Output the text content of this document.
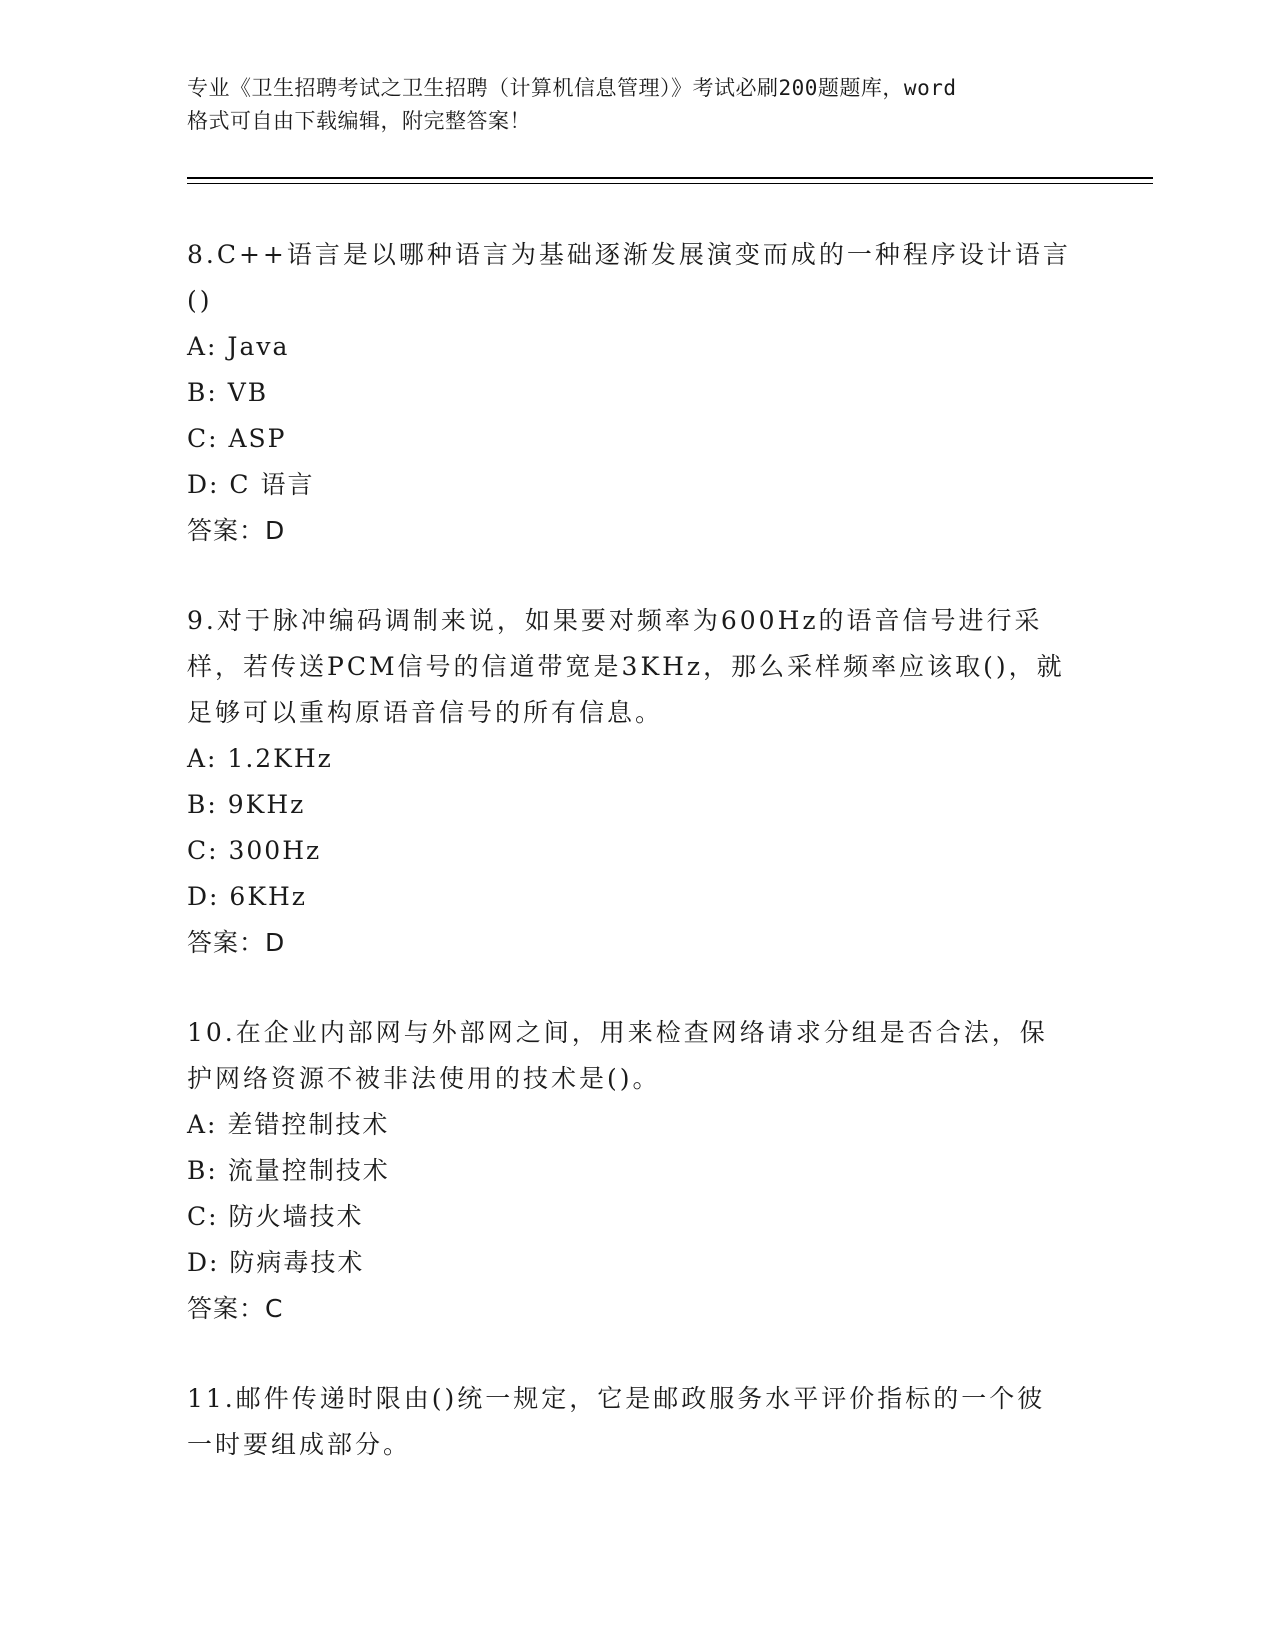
专业《卫生招聘考试之卫生招聘（计算机信息管理）》考试必刷200题题库，word
格式可自由下载编辑，附完整答案！

8.C++语言是以哪种语言为基础逐渐发展演变而成的一种程序设计语言

()

A: Java

B: VB

C: ASP

D: C 语言

答案：D

9.对于脉冲编码调制来说，如果要对频率为600Hz的语音信号进行采

样，若传送PCM信号的信道带宽是3KHz，那么采样频率应该取()，就

足够可以重构原语音信号的所有信息。

A: 1.2KHz

B: 9KHz

C: 300Hz

D: 6KHz

答案：D

10.在企业内部网与外部网之间，用来检查网络请求分组是否合法，保

护网络资源不被非法使用的技术是()。

A: 差错控制技术

B: 流量控制技术

C: 防火墙技术

D: 防病毒技术

答案：C

11.邮件传递时限由()统一规定，它是邮政服务水平评价指标的一个彼

一时要组成部分。
